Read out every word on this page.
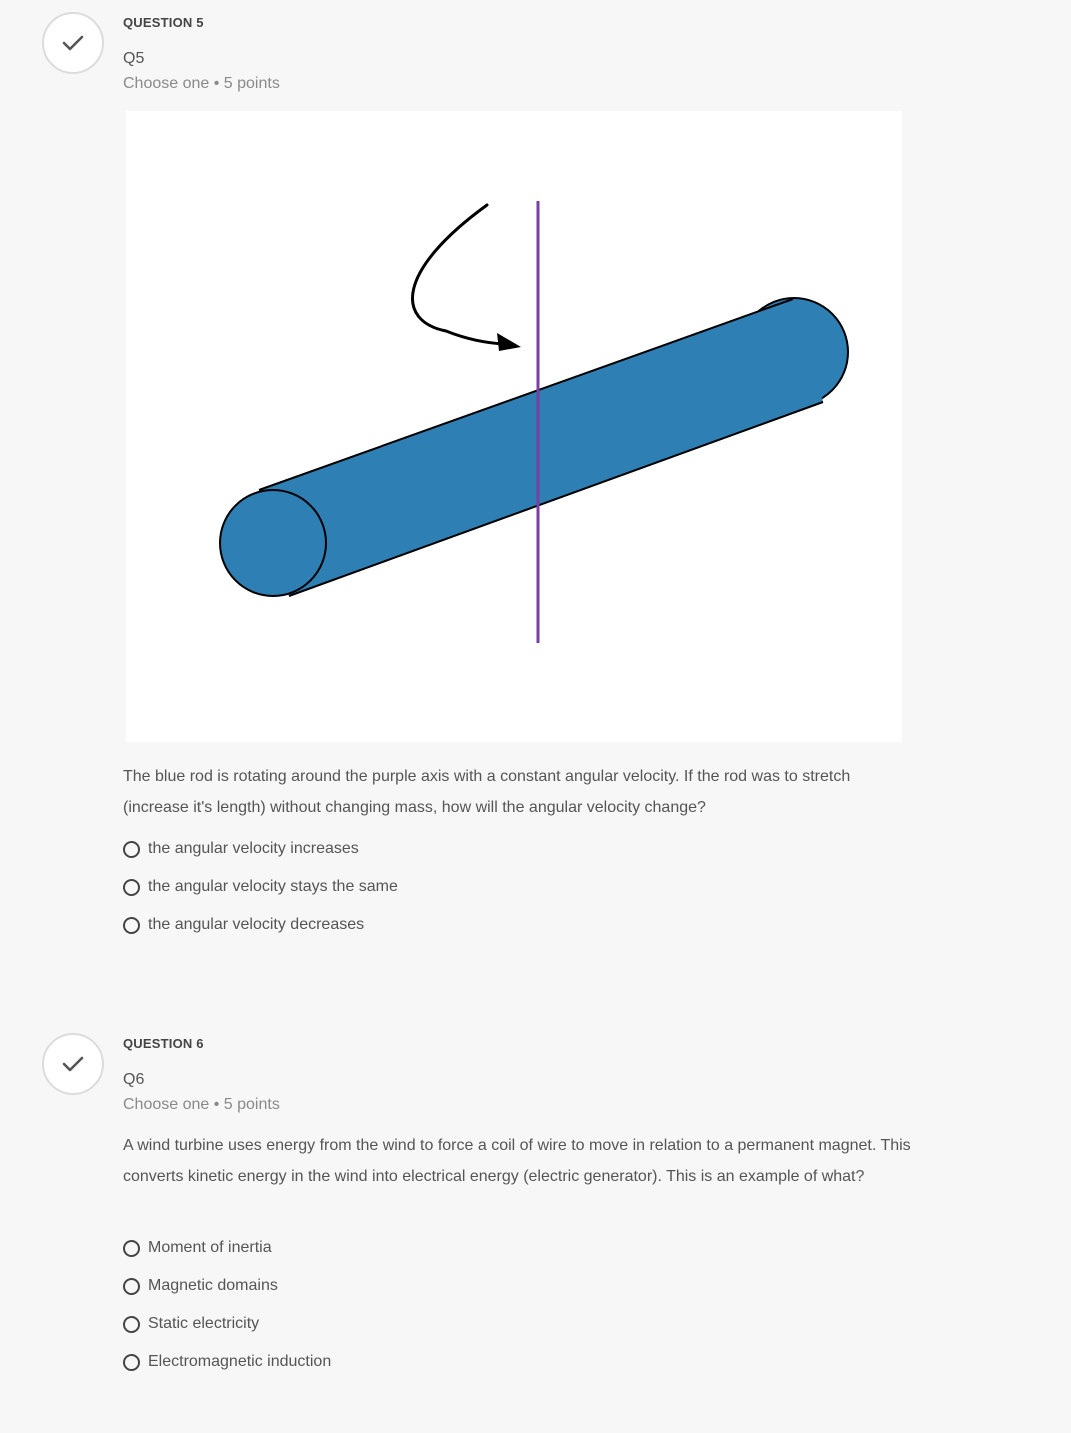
QUESTION 5
Q5
Choose one • 5 points
The blue rod is rotating around the purple axis with a constant angular velocity. If the rod was to stretch (increase it's length) without changing mass, how will the angular velocity change?
the angular velocity increases
the angular velocity stays the same
the angular velocity decreases
QUESTION 6
Q6
Choose one • 5 points
A wind turbine uses energy from the wind to force a coil of wire to move in relation to a permanent magnet. This converts kinetic energy in the wind into electrical energy (electric generator). This is an example of what?
Moment of inertia
Magnetic domains
Static electricity
Electromagnetic induction
